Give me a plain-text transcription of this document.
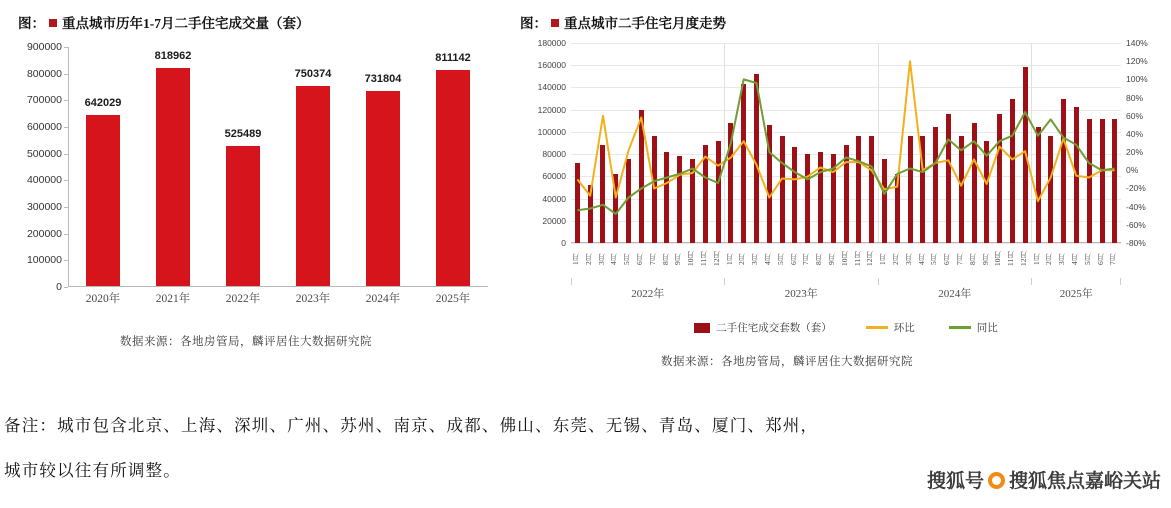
图： 重点城市历年1-7月二手住宅成交量（套）
0
100000
200000
300000
400000
500000
600000
700000
800000
900000
642029
818962
525489
750374	731804
811142
2020年	2021年	2022年	2023年	2024年	2025年
数据来源：各地房管局，麟评居住大数据研究院
图： 重点城市二手住宅月度走势
0
20000
40000
60000
80000
100000
120000
140000
160000
180000
-80%
-60%
-40%
-20%
0%
20%
40%
60%
80%
100%
120%
140%
1月 2月 3月 4月 5月 6月 7月 8月 9月 10月 11月 12月 1月 2月 3月 4月 5月 6月 7月 8月 9月 10月 11月 12月 1月 2月 3月 4月 5月 6月 7月 8月 9月 10月 11月 12月 1月 2月 3月 4月 5月 6月 7月
2022年	2023年	2024年	2025年
二手住宅成交套数（套）	环比	同比
数据来源：各地房管局，麟评居住大数据研究院
备注：城市包含北京、上海、深圳、广州、苏州、南京、成都、佛山、东莞、无锡、青岛、厦门、郑州，
城市较以往有所调整。
搜狐号 搜狐焦点嘉峪关站
